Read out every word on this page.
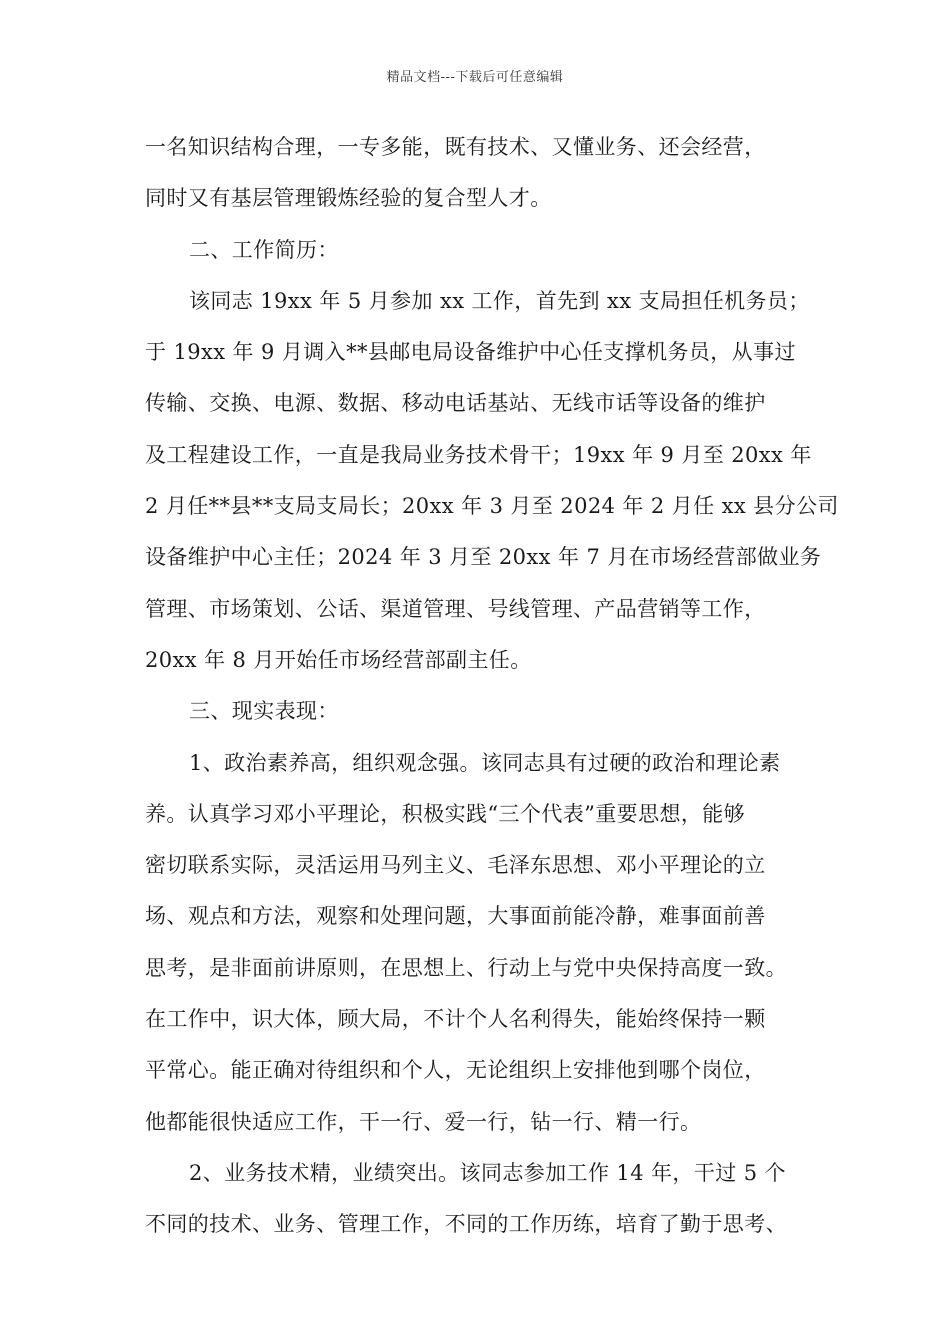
精品文档---下载后可任意编辑
一名知识结构合理，一专多能，既有技术、又懂业务、还会经营，
同时又有基层管理锻炼经验的复合型人才。
二、工作简历：
该同志 19xx 年 5 月参加 xx 工作，首先到 xx 支局担任机务员；
于 19xx 年 9 月调入**县邮电局设备维护中心任支撑机务员，从事过
传输、交换、电源、数据、移动电话基站、无线市话等设备的维护
及工程建设工作，一直是我局业务技术骨干；19xx 年 9 月至 20xx 年
2 月任**县**支局支局长；20xx 年 3 月至 2024 年 2 月任 xx 县分公司
设备维护中心主任；2024 年 3 月至 20xx 年 7 月在市场经营部做业务
管理、市场策划、公话、渠道管理、号线管理、产品营销等工作，
20xx 年 8 月开始任市场经营部副主任。
三、现实表现：
1、政治素养高，组织观念强。该同志具有过硬的政治和理论素
养。认真学习邓小平理论，积极实践“三个代表”重要思想，能够
密切联系实际，灵活运用马列主义、毛泽东思想、邓小平理论的立
场、观点和方法，观察和处理问题，大事面前能冷静，难事面前善
思考，是非面前讲原则，在思想上、行动上与党中央保持高度一致。
在工作中，识大体，顾大局，不计个人名利得失，能始终保持一颗
平常心。能正确对待组织和个人，无论组织上安排他到哪个岗位，
他都能很快适应工作，干一行、爱一行，钻一行、精一行。
2、业务技术精，业绩突出。该同志参加工作 14 年，干过 5 个
不同的技术、业务、管理工作，不同的工作历练，培育了勤于思考、
